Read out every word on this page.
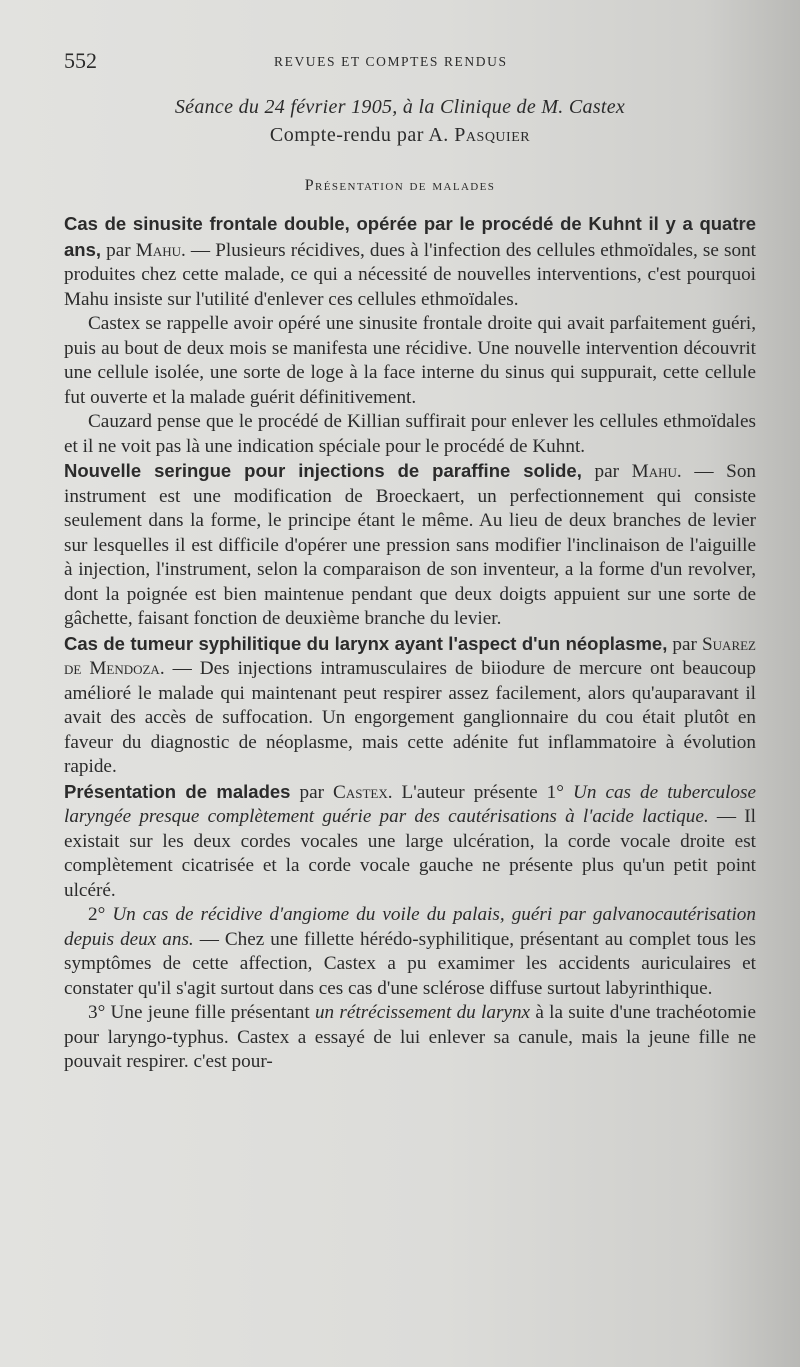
552	REVUES ET COMPTES RENDUS
Séance du 24 février 1905, à la Clinique de M. Castex
Compte-rendu par A. Pasquier
Présentation de malades

Cas de sinusite frontale double, opérée par le procédé de Kuhnt il y a quatre ans, par Mahu. — Plusieurs récidives, dues à l'infection des cellules ethmoïdales, se sont produites chez cette malade, ce qui a nécessité de nouvelles interventions, c'est pourquoi Mahu insiste sur l'utilité d'enlever ces cellules ethmoïdales.

Castex se rappelle avoir opéré une sinusite frontale droite qui avait parfaitement guéri, puis au bout de deux mois se manifesta une récidive. Une nouvelle intervention découvrit une cellule isolée, une sorte de loge à la face interne du sinus qui suppurait, cette cellule fut ouverte et la malade guérit définitivement.

Cauzard pense que le procédé de Killian suffirait pour enlever les cellules ethmoïdales et il ne voit pas là une indication spéciale pour le procédé de Kuhnt.

Nouvelle seringue pour injections de paraffine solide, par Mahu. — Son instrument est une modification de Broeckaert, un perfectionnement qui consiste seulement dans la forme, le principe étant le même. Au lieu de deux branches de levier sur lesquelles il est difficile d'opérer une pression sans modifier l'inclinaison de l'aiguille à injection, l'instrument, selon la comparaison de son inventeur, a la forme d'un revolver, dont la poignée est bien maintenue pendant que deux doigts appuient sur une sorte de gâchette, faisant fonction de deuxième branche du levier.

Cas de tumeur syphilitique du larynx ayant l'aspect d'un néoplasme, par Suarez de Mendoza. — Des injections intramusculaires de biiodure de mercure ont beaucoup amélioré le malade qui maintenant peut respirer assez facilement, alors qu'auparavant il avait des accès de suffocation. Un engorgement ganglionnaire du cou était plutôt en faveur du diagnostic de néoplasme, mais cette adénite fut inflammatoire à évolution rapide.

Présentation de malades par Castex. L'auteur présente 1° Un cas de tuberculose laryngée presque complètement guérie par des cautérisations à l'acide lactique. — Il existait sur les deux cordes vocales une large ulcération, la corde vocale droite est complètement cicatrisée et la corde vocale gauche ne présente plus qu'un petit point ulcéré.

2° Un cas de récidive d'angiome du voile du palais, guéri par galvanocautérisation depuis deux ans. — Chez une fillette hérédo-syphilitique, présentant au complet tous les symptômes de cette affection, Castex a pu examimer les accidents auriculaires et constater qu'il s'agit surtout dans ces cas d'une sclérose diffuse surtout labyrinthique.

3° Une jeune fille présentant un rétrécissement du larynx à la suite d'une trachéotomie pour laryngo-typhus. Castex a essayé de lui enlever sa canule, mais la jeune fille ne pouvait respirer. c'est pour-
